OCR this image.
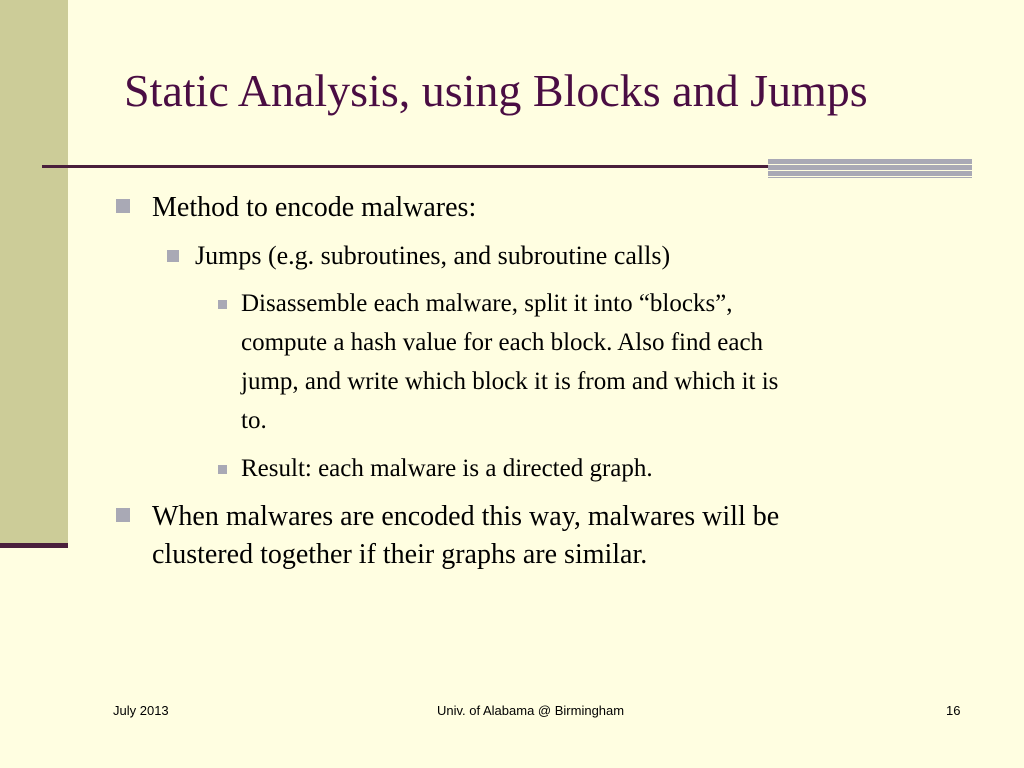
Static Analysis, using Blocks and Jumps
Method to encode malwares:
Jumps (e.g. subroutines, and subroutine calls)
Disassemble each malware, split it into “blocks”,
compute a hash value for each block. Also find each
jump, and write which block it is from and which it is
to.
Result: each malware is a directed graph.
When malwares are encoded this way, malwares will be
clustered together if their graphs are similar.
July 2013	Univ. of Alabama @ Birmingham	16
